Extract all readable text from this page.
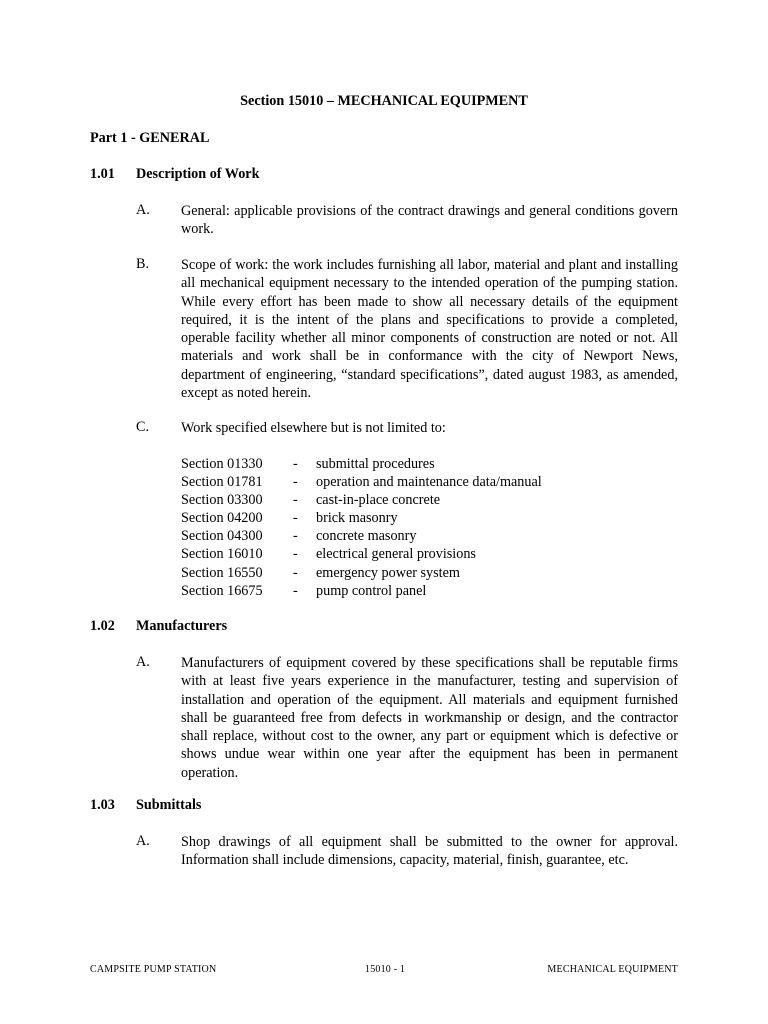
Section 15010 – MECHANICAL EQUIPMENT
Part 1 - GENERAL
1.01 Description of Work
A. General: applicable provisions of the contract drawings and general conditions govern work.

B. Scope of work: the work includes furnishing all labor, material and plant and installing all mechanical equipment necessary to the intended operation of the pumping station. While every effort has been made to show all necessary details of the equipment required, it is the intent of the plans and specifications to provide a completed, operable facility whether all minor components of construction are noted or not. All materials and work shall be in conformance with the city of Newport News, department of engineering, “standard specifications”, dated august 1983, as amended, except as noted herein.

C. Work specified elsewhere but is not limited to:

Section 01330 - submittal procedures
Section 01781 - operation and maintenance data/manual
Section 03300 - cast-in-place concrete
Section 04200 - brick masonry
Section 04300 - concrete masonry
Section 16010 - electrical general provisions
Section 16550 - emergency power system
Section 16675 - pump control panel
1.02 Manufacturers
A. Manufacturers of equipment covered by these specifications shall be reputable firms with at least five years experience in the manufacturer, testing and supervision of installation and operation of the equipment. All materials and equipment furnished shall be guaranteed free from defects in workmanship or design, and the contractor shall replace, without cost to the owner, any part or equipment which is defective or shows undue wear within one year after the equipment has been in permanent operation.

1.03 Submittals
A. Shop drawings of all equipment shall be submitted to the owner for approval. Information shall include dimensions, capacity, material, finish, guarantee, etc.

CAMPSITE PUMP STATION	15010 - 1	MECHANICAL EQUIPMENT
